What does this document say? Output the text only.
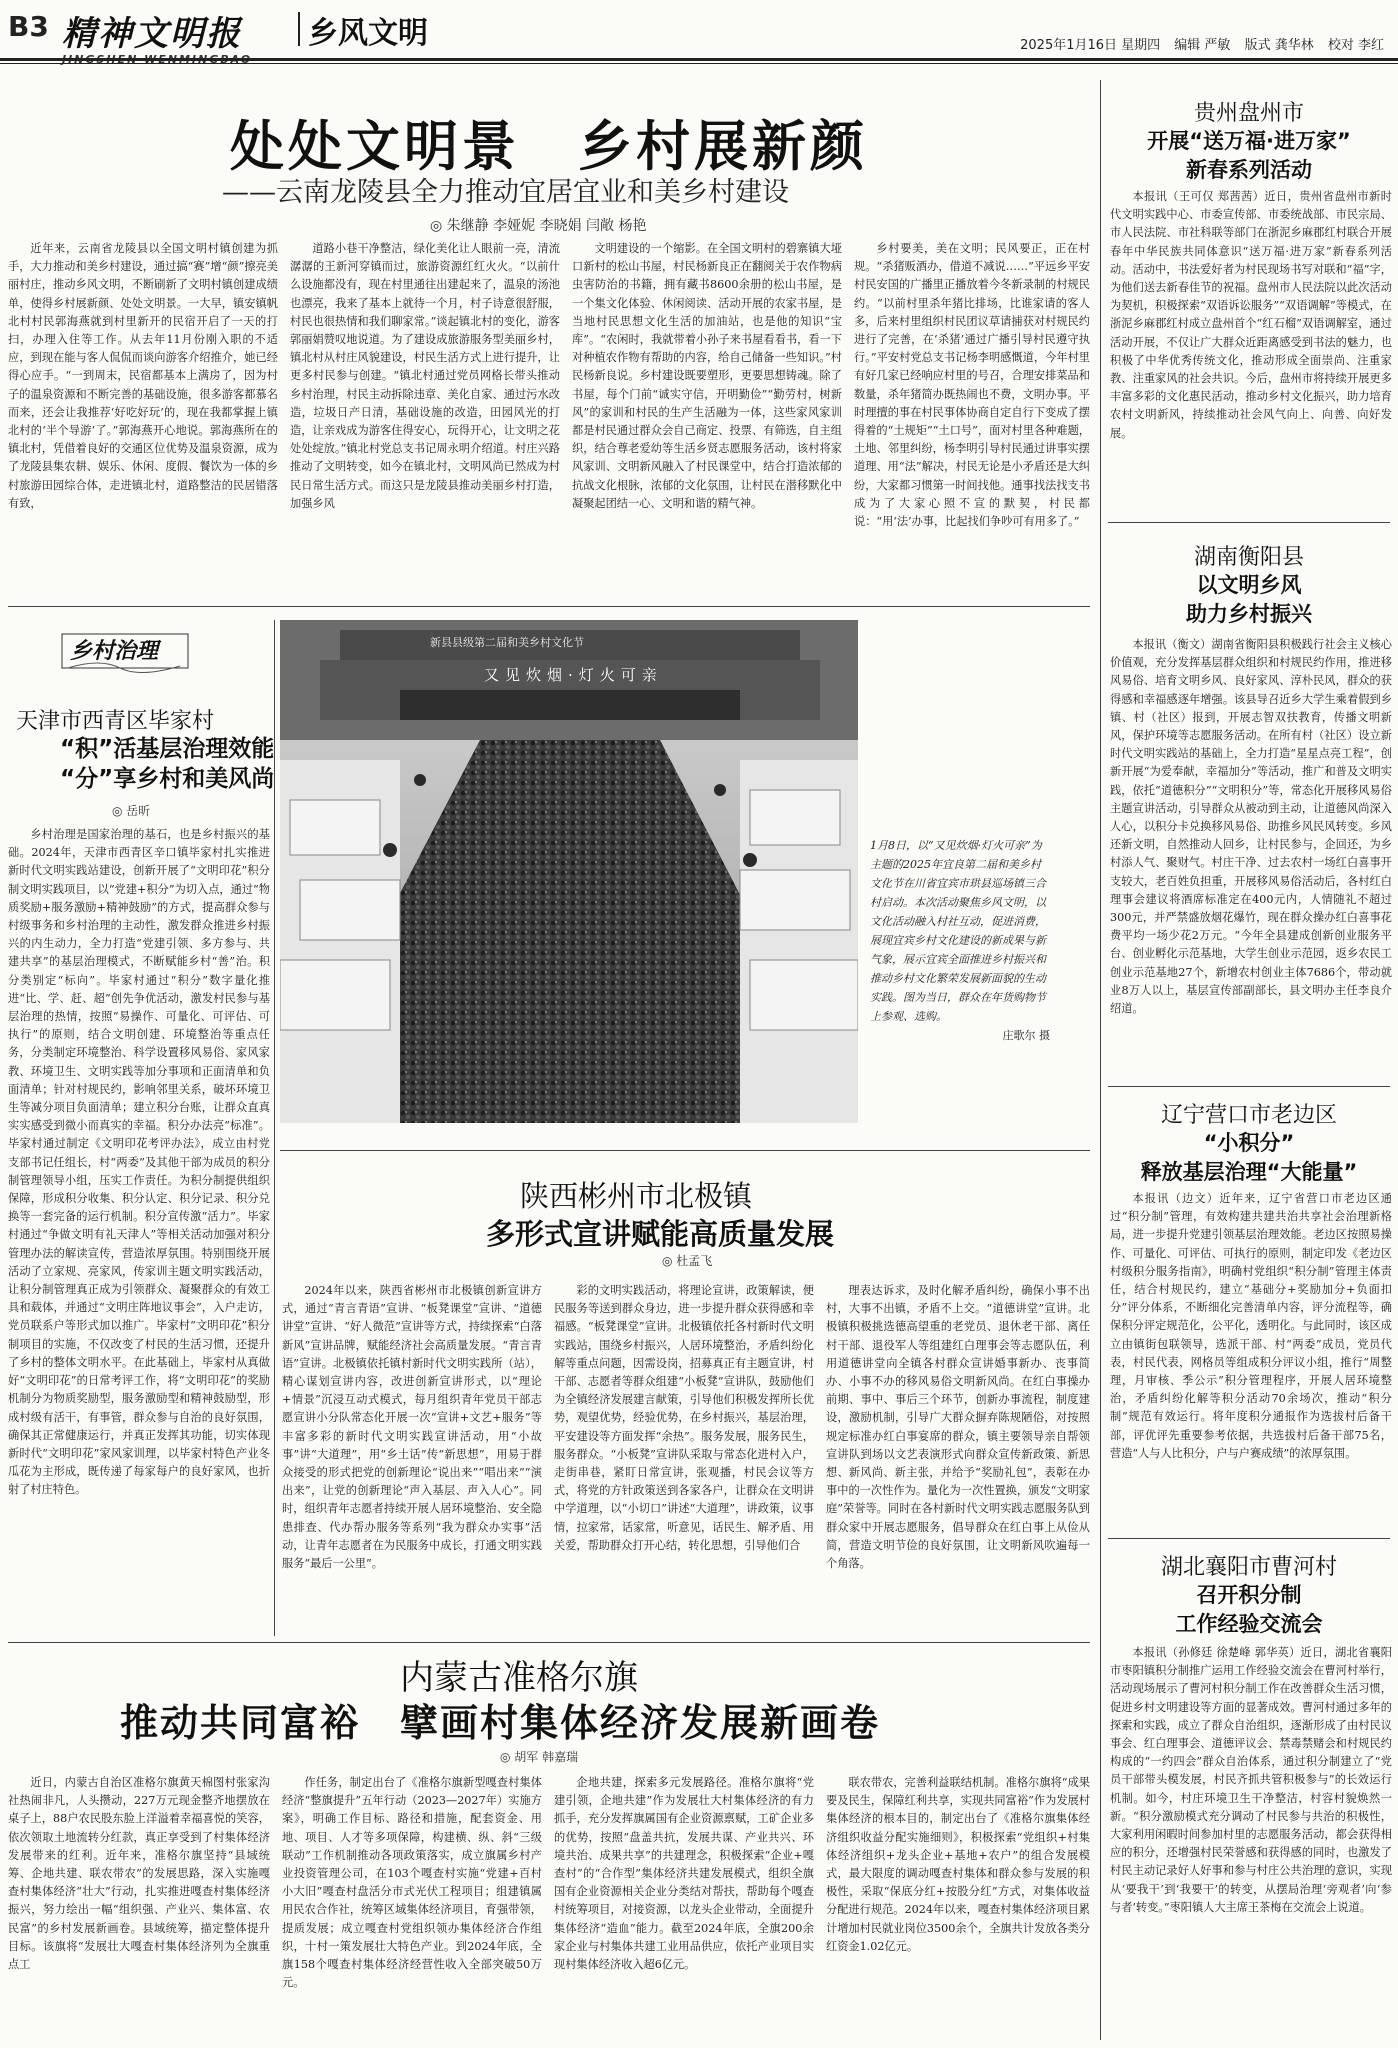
B3 精神文明报	乡风文明	2025年1月16日 星期四 编辑 严敏 版式 龚华林 校对 李红
处处文明景　乡村展新颜
——云南龙陵县全力推动宜居宜业和美乡村建设
◎ 朱继静 李娅妮 李晓娟 闫敞 杨艳

近年来，云南省龙陵县以全国文明村镇创建为抓手，大力推动和美乡村建设，通过搞“赛”增“颜”擦亮美丽村庄，推动乡风文明，不断刷新了文明村镇创建成绩单，使得乡村展新颜、处处文明景。一大早，镇安镇帆北村村民郭海燕就到村里新开的民宿开启了一天的打扫，办理入住等工作。从去年11月份刚入职的不适应，到现在能与客人侃侃而谈向游客介绍推介，她已经得心应手。“一到周末，民宿都基本上满房了，因为村子的温泉资源和不断完善的基础设施，很多游客都慕名而来，还会让我推荐‘好吃好玩’的，现在我都掌握上镇北村的‘半个导游’了。”郭海燕开心地说。郭海燕所在的镇北村，凭借着良好的交通区位优势及温泉资源，成为了龙陵县集农耕、娱乐、休闲、度假、餐饮为一体的乡村旅游田园综合体，走进镇北村，道路整洁的民居错落有致，

道路小巷干净整洁，绿化美化让人眼前一亮，清流潺潺的王新河穿镇而过，旅游资源红红火火。“以前什么设施都没有，现在村里通往出建起来了，温泉的汤池也漂亮，我来了基本上就待一个月，村子诗意很舒服，村民也很热情和我们聊家常。”谈起镇北村的变化，游客郭丽娟赞叹地说道。为了建设成旅游服务型美丽乡村，镇北村从村庄风貌建设，村民生活方式上进行提升，让更多村民参与创建。“镇北村通过党员网格长带头推动乡村治理，村民主动拆除违章、美化自家、通过污水改造，垃圾日产日清，基础设施的改造，田园风光的打造，让亲戏成为游客住得安心，玩得开心，让文明之花处处绽放。”镇北村党总支书记周永明介绍道。村庄兴路推动了文明转变，如今在镇北村，文明风尚已然成为村民日常生活方式。而这只是龙陵县推动美丽乡村打造，加强乡风

文明建设的一个缩影。在全国文明村的碧寨镇大垭口新村的松山书屋，村民杨新良正在翻阅关于农作物病虫害防治的书籍，拥有藏书8600余册的松山书屋，是一个集文化体验、休闲阅读、活动开展的农家书屋，是当地村民思想文化生活的加油站，也是他的知识“宝库”。“农闲时，我就带着小孙子来书屋看看书，看一下对种植农作物有帮助的内容，给自己储备一些知识。”村民杨新良说。乡村建设既要塑形，更要思想铸魂。除了书屋，每个门前“诚实守信，开明勤俭”“勤劳村，树新风”的家训和村民的生产生活融为一体，这些家风家训都是村民通过群众会自己商定、投票、有筛选，自主组织，结合尊老爱幼等生活乡贤志愿服务活动，该村将家风家训、文明新风融入了村民课堂中，结合打造浓郁的抗战文化根脉，浓郁的文化氛围，让村民在潜移默化中凝聚起团结一心、文明和谐的精气神。

乡村要美，美在文明；民风要正，正在村规。“杀猪贩酒办，借道不减说……”平远乡平安村民安国的广播里正播放着今冬新录制的村规民约。“以前村里杀年猪比排场，比谁家请的客人多，后来村里组织村民团议草请捕获对村规民约进行了完善，在‘杀猪’通过广播引导村民遵守执行。”平安村党总支书记杨李明感慨道，今年村里有好几家已经响应村里的号召，合理安排菜品和数量，杀年猪简办既热闹也不费，文明办事。平时理擅的事在村民事体协商自定自行下变成了摆得着的“土规矩”“土口号”，面对村里各种难题，土地、邻里纠纷，杨李明引导村民通过讲事实摆道理、用“法”解决，村民无论是小矛盾还是大纠纷，大家都习惯第一时间找他。通事找法找支书成为了大家心照不宣的默契，村民都说：“用‘法’办事，比起找们争吵可有用多了。”

乡村治理
天津市西青区毕家村
“积”活基层治理效能
“分”享乡村和美风尚
◎ 岳昕

乡村治理是国家治理的基石，也是乡村振兴的基础。2024年，天津市西青区辛口镇毕家村扎实推进新时代文明实践站建设，创新开展了“文明印花”积分制文明实践项目，以“党建+积分”为切入点，通过“物质奖励+服务激励+精神鼓励”的方式，提高群众参与村级事务和乡村治理的主动性，激发群众推进乡村振兴的内生动力，全力打造“党建引领、多方参与、共建共享”的基层治理模式，不断赋能乡村“善”治。积分类别定“标向”。毕家村通过“积分”数字量化推进“比、学、赶、超”创先争优活动，激发村民参与基层治理的热情，按照“易操作、可量化、可评估、可执行”的原则，结合文明创建、环境整治等重点任务，分类制定环境整治、科学设置移风易俗、家风家教、环境卫生、文明实践等加分事项和正面清单和负面清单；针对村规民约，影响邻里关系，破坏环境卫生等减分项目负面清单；建立积分台账，让群众直真实实感受到微小而真实的幸福。积分办法亮“标准”。毕家村通过制定《文明印花考评办法》，成立由村党支部书记任组长，村“两委”及其他干部为成员的积分制管理领导小组，压实工作责任。为积分制提供组织保障，形成积分收集、积分认定、积分记录、积分兑换等一套完备的运行机制。积分宣传激“活力”。毕家村通过“争做文明有礼天津人”等相关活动加强对积分管理办法的解读宣传，营造浓厚氛围。特别围绕开展活动了立家规、亮家风，传家训主题文明实践活动，让积分制管理真正成为引领群众、凝聚群众的有效工具和载体，并通过“文明庄阵地议事会”，入户走访，党员联系户等形式加以推广。毕家村“文明印花”积分制项目的实施，不仅改变了村民的生活习惯，还提升了乡村的整体文明水平。在此基础上，毕家村从真做好“文明印花”的日常考评工作，将“文明印花”的奖励机制分为物质奖励型，服务激励型和精神鼓励型，形成村级有活干，有事管，群众参与自治的良好氛围，确保其正常健康运行，并真正发挥其功能，切实体现新时代“文明印花”家风家训理，以毕家村特色产业冬瓜花为主形成，既传递了每家每户的良好家风，也折射了村庄特色。

新县县级第二届和美乡村文化节
又见炊烟·灯火可亲
1月8日，以“又见炊烟·灯火可亲”为主题的2025年宜良第二届和美乡村文化节在川省宜宾市珙县巡场镇三合村启动。本次活动聚焦乡风文明，以文化活动融入村社互动，促进消费，展现宜宾乡村文化建设的新成果与新气象，展示宜宾全面推进乡村振兴和推动乡村文化繁荣发展新面貌的生动实践。图为当日，群众在年货购物节上参观、选购。
庄歌尔 摄
陕西彬州市北极镇
多形式宣讲赋能高质量发展
◎ 杜孟飞

2024年以来，陕西省彬州市北极镇创新宣讲方式，通过“青言青语”宣讲、“板凳课堂”宣讲、“道德讲堂”宣讲、“好人微范”宣讲等方式，持续探索“白落新风”宣讲品牌，赋能经济社会高质量发展。“青言青语”宣讲。北极镇依托镇村新时代文明实践所（站），精心谋划宣讲内容，改进创新宣讲形式，以“理论+情景”沉浸互动式模式，每月组织青年党员干部志愿宣讲小分队常态化开展一次“宣讲+文艺+服务”等丰富多彩的新时代文明实践宣讲活动，用“小故事”讲“大道理”，用“乡土话”传“新思想”，用易于群众接受的形式把党的创新理论“说出来”“唱出来”“演出来”，让党的创新理论“声入基层、声入人心”。同时，组织青年志愿者持续开展人居环境整治、安全隐患排查、代办帮办服务等系列“我为群众办实事”活动，让青年志愿者在为民服务中成长，打通文明实践服务“最后一公里”。

彩的文明实践活动，将理论宣讲，政策解读，便民服务等送到群众身边，进一步提升群众获得感和幸福感。“板凳课堂”宣讲。北极镇依托各村新时代文明实践站，围绕乡村振兴，人居环境整治，矛盾纠纷化解等重点问题，因需设岗，招募真正有主题宣讲，村干部、志愿者等群众组建“小板凳”宣讲队，鼓励他们为全镇经济发展建言献策，引导他们积极发挥所长优势，观望优势，经验优势，在乡村振兴，基层治理，平安建设等方面发挥“余热”。服务发展，服务民生，服务群众。“小板凳”宣讲队采取与常态化进村入户，走街串巷，紧盯日常宣讲，张观播，村民会议等方式，将党的方针政策送到各家各户，让群众在文明讲中学道理，以“小切口”讲述“大道理”，讲政策，议事情，拉家常，话家常，听意见，话民生、解矛盾、用关爱，帮助群众打开心结，转化思想，引导他们合

理表达诉求，及时化解矛盾纠纷，确保小事不出村，大事不出镇，矛盾不上交。“道德讲堂”宣讲。北极镇积极挑选德高望重的老党员、退休老干部、离任村干部、退役军人等组建红白理事会等志愿队伍，利用道德讲堂向全镇各村群众宣讲婚事新办、丧事简办、小事不办的移风易俗文明新风尚。在红白事操办前期、事中、事后三个环节，创新办事流程，制度建设，激励机制，引导广大群众摒弃陈规陋俗，对按照规定标准办红白事宴席的群众，镇主要领导亲自帮领宣讲队到场以文艺表演形式向群众宣传新政策、新思想、新风尚、新主张，并给予“奖励礼包”，表彰在办事中的一次性作为。量化为一次性置换，颁发“文明家庭”荣誉等。同时在各村新时代文明实践志愿服务队到群众家中开展志愿服务，倡导群众在红白事上从俭从简，营造文明节俭的良好氛围，让文明新风吹遍每一个角落。

内蒙古准格尔旗
推动共同富裕　擘画村集体经济发展新画卷
◎ 胡军 韩嘉瑞

近日，内蒙古自治区准格尔旗黄天棉图村张家沟社热闹非凡，人头攒动，227万元现金整齐地摆放在桌子上，88户农民股东脸上洋溢着幸福喜悦的笑容，依次领取土地流转分红款，真正享受到了村集体经济发展带来的红利。近年来，准格尔旗坚持“县域统筹、企地共建、联农带农”的发展思路，深入实施嘎查村集体经济“壮大”行动，扎实推进嘎查村集体经济振兴，努力绘出一幅“组织强、产业兴、集体富、农民富”的乡村发展新画卷。县域统筹，描定整体提升目标。该旗将“发展壮大嘎查村集体经济列为全旗重点工

作任务，制定出台了《准格尔旗新型嘎查村集体经济“整旗提升”五年行动（2023—2027年）实施方案》，明确工作目标、路径和措施，配套资金、用地、项目、人才等多项保障，构建横、纵、斜“三级联动”工作机制推动各项政策落实，成立旗属乡村产业投资管理公司，在103个嘎查村实施“党建+百村小大旧”嘎查村盘活分市式光伏工程项目；组建镇属用民农合作社，统筹区域集体经济项目，育强带领，提质发展；成立嘎查村党组织领办集体经济合作组织，十村一策发展壮大特色产业。到2024年底，全旗158个嘎查村集体经济经营性收入全部突破50万元。

企地共建，探索多元发展路径。准格尔旗将“党建引领，企地共建”作为发展壮大村集体经济的有力抓手，充分发挥旗属国有企业资源禀赋，工矿企业多的优势，按照“盘盖共抗，发展共谋、产业共兴、环境共治、成果共享”的共建理念，积极探索“企业+嘎查村”的“合作型”集体经济共建发展模式，组织全旗国有企业资源相关企业分类结对帮扶，帮助每个嘎查村统筹项目，对接资源，以龙头企业带动，全面提升集体经济“造血”能力。截至2024年底，全旗200余家企业与村集体共建工业用品供应，依托产业项目实现村集体经济收入超6亿元。

联农带农，完善利益联结机制。准格尔旗将“成果要及民生，保障红利共享，实现共同富裕”作为发展村集体经济的根本目的，制定出台了《准格尔旗集体经济组织收益分配实施细则》，积极探索“党组织+村集体经济组织+龙头企业+基地+农户”的组合发展模式，最大限度的调动嘎查村集体和群众参与发展的积极性，采取“保底分红+按股分红”方式，对集体收益分配进行规范。2024年以来，嘎查村集体经济项目累计增加村民就业岗位3500余个，全旗共计发放各类分红资金1.02亿元。

贵州盘州市
开展“送万福·进万家”
新春系列活动

本报讯（王可仅 郑茜茜）近日，贵州省盘州市新时代文明实践中心、市委宣传部、市委统战部、市民宗局、市人民法院、市社科联等部门在浙泥乡麻郡红村联合开展春年中华民族共同体意识“送万福·进万家”新春系列活动。活动中，书法爱好者为村民现场书写对联和“福”字，为他们送去新春佳节的祝福。盘州市人民法院以此次活动为契机，积极探索“双语诉讼服务”“双语调解”等模式，在浙泥乡麻郡红村成立盘州首个“红石榴”双语调解室，通过活动开展，不仅让广大群众近距离感受到书法的魅力，也积极了中华优秀传统文化，推动形成全面崇尚、注重家教、注重家风的社会共识。今后，盘州市将持续开展更多丰富多彩的文化惠民活动，推动乡村文化振兴，助力培育农村文明新风，持续推动社会风气向上、向善、向好发展。

湖南衡阳县
以文明乡风
助力乡村振兴

本报讯（衡文）湖南省衡阳县积极践行社会主义核心价值观，充分发挥基层群众组织和村规民约作用，推进移风易俗、培育文明乡风、良好家风、淳朴民风，群众的获得感和幸福感逐年增强。该县导召近乡大学生乘着假到乡镇、村（社区）报到，开展志智双扶教育，传播文明新风，保护环境等志愿服务活动。在所有村（社区）设立新时代文明实践站的基础上，全力打造“星星点亮工程”，创新开展“为爱奉献，幸福加分”等活动，推广和普及文明实践，依托“道德积分”“文明积分”等，常态化开展移风易俗主题宣讲活动，引导群众从被动到主动，让道德风尚深入人心，以积分卡兑换移风易俗、助推乡风民风转变。乡风还新文明，自然推动人回乡，让村民参与，企回还，为乡村添人气、聚财气。村庄干净、过去农村一场红白喜事开支较大，老百姓负担重，开展移风易俗活动后，各村红白理事会建议将酒席标准定在400元内，人情随礼不超过300元，并严禁盛放烟花爆竹，现在群众操办红白喜事花费平均一场少花2万元。“今年全县建成创新创业服务平台、创业孵化示范基地，大学生创业示范园，返乡农民工创业示范基地27个，新增农村创业主体7686个，带动就业8万人以上，基层宣传部副部长，县文明办主任李良介绍道。

辽宁营口市老边区
“小积分”
释放基层治理“大能量”

本报讯（边文）近年来，辽宁省营口市老边区通过“积分制”管理，有效构建共建共治共享社会治理新格局，进一步提升党建引领基层治理效能。老边区按照易操作、可量化、可评估、可执行的原则，制定印发《老边区村级积分服务指南》，明确村党组织“积分制”管理主体责任，结合村规民约，建立“基础分+奖励加分+负面扣分”评分体系，不断细化完善清单内容，评分流程等，确保积分评定规范化，公平化，透明化。与此同时，该区成立由镇街包联领导，选派干部、村“两委”成员，党员代表，村民代表，网格员等组成积分评议小组，推行“周整理，月审核、季公示”积分管理程序，开展人居环境整治，矛盾纠纷化解等积分活动70余场次，推动“积分制”规范有效运行。将年度积分通报作为选拔村后备干部，评优评先重要参考依据，共选拔村后备干部75名，营造“人与人比积分，户与户赛成绩”的浓厚氛围。

湖北襄阳市曹河村
召开积分制
工作经验交流会

本报讯（孙修廷 徐楚峰 郭华英）近日，湖北省襄阳市枣阳镇积分制推广运用工作经验交流会在曹河村举行，活动现场展示了曹河村积分制工作在改善群众生活习惯，促进乡村文明建设等方面的显著成效。曹河村通过多年的探索和实践，成立了群众自治组织，逐渐形成了由村民议事会、红白理事会、道德评议会、禁毒禁赌会和村规民约构成的“一约四会”群众自治体系，通过积分制建立了“党员干部带头模发展，村民齐抓共管积极参与”的长效运行机制。如今，村庄环境卫生干净整洁，村容村貌焕然一新。“积分激励模式充分调动了村民参与共治的积极性，大家利用闲暇时间参加村里的志愿服务活动，都会获得相应的积分，还增强村民荣誉感和获得感的同时，也激发了村民主动记录好人好事和参与村庄公共治理的意识，实现从‘要我干’到‘我要干’的转变，从摆局治理‘旁观者’向‘参与者’转变。”枣阳镇人大主席王茶梅在交流会上说道。
